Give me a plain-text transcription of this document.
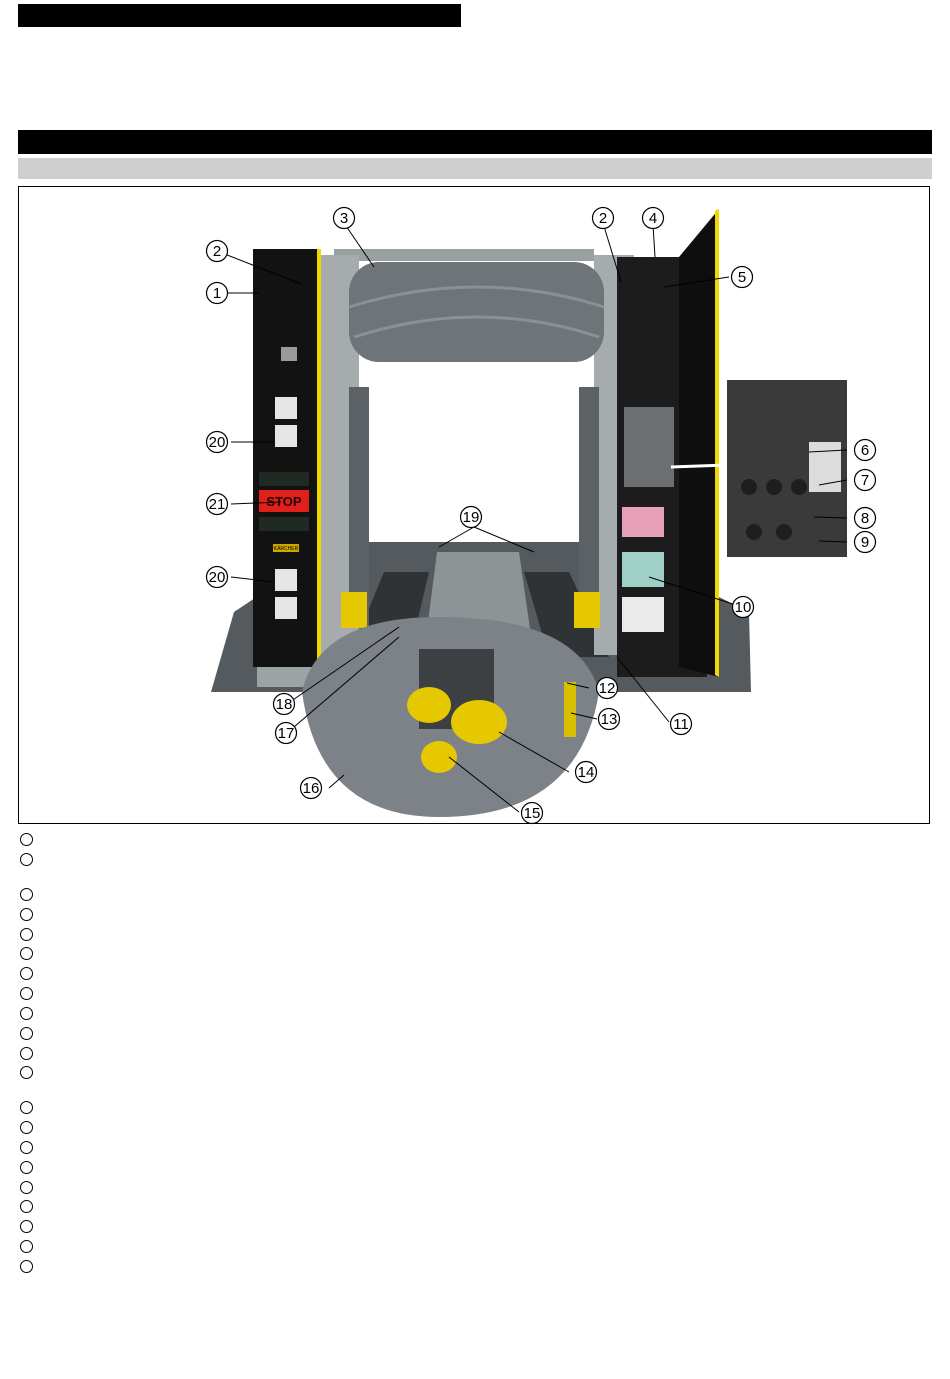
STOP
KÄRCHER
1
2
2
3	4
5
6
7
8
9
10
11
12
13
14
15
16
17
18
19
20
20
21
